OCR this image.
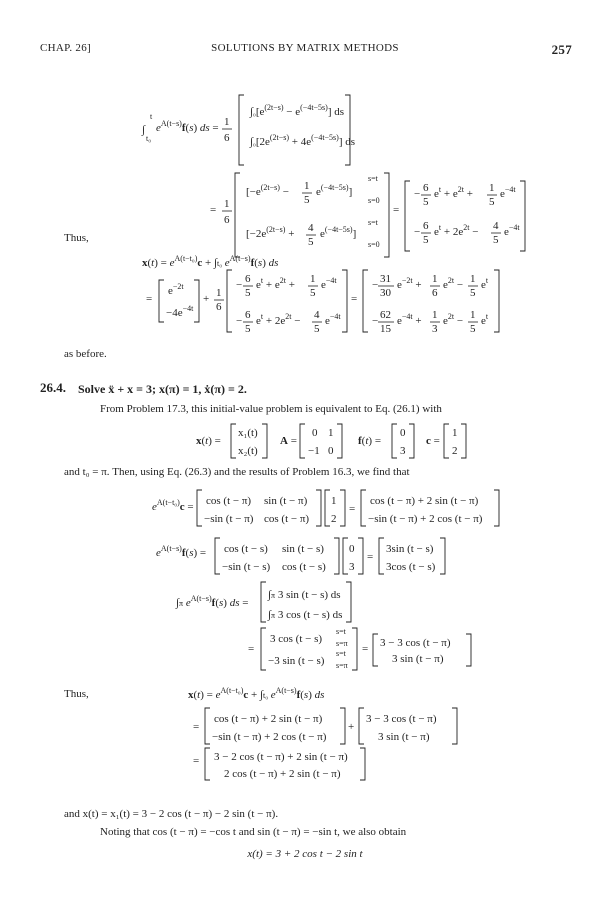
CHAP. 26]	SOLUTIONS BY MATRIX METHODS	257
∫
t
t₀
$e^{A(t-s)}f(s)$ ds = 1
6
$\int_0[e^{(2t-s)} - e^{(-4t-5s)}]$ ds
$\int_0[2e^{(2t-s)} + 4e^{(-4t-5s)}]$ ds
= 1
6
[$-e^{(2t-s)} - 1$
5
$e^{(-4t-5s)}$]
s=t
s=0
[$-2e^{(2t-s)} + 4$
5
$e^{(-4t-5s)}$]
s=t
s=0
=
− 6
5
$e^t + e^{2t} + 1$
5
$e^{-4t}$
− 6
5
$e^t + 2e^{2t} - 4$
5
$e^{-4t}$
Thus,
$x(t) = e^{A(t-t_0)}c + \int t_0$ $e^{A(t-s)}f(s)$ ds
=
$e^{-2t}$
$-4e^{-4t}$
+ 1
6
− 6
5
$e^t + e^{2t} + 1$
5
$e^{-4t}$
− 6
5
$e^t + 2e^{2t} - 4$
5
$e^{-4t}$
=
− 31
30
$e^{-2t} + 1$
6
$e^{2t} - 1$
5
$e^t$
− 62
15
$e^{-4t} + 1$
3
$e^{2t} - 1$
5
$e^t$
as before.
26.4. Solve ẍ + x = 3; x(π) = 1, ẋ(π) = 2.
From Problem 17.3, this initial-value problem is equivalent to Eq. (26.1) with
x(t) =
x₁(t)
x₂(t)
A =
0 1
−1 0
f(t) =
0
3
c =
1
2
and t₀ = π. Then, using Eq. (26.3) and the results of Problem 16.3, we find that
$e^{A(t-t_0)}c = \cos (t - \pi)$ sin (t − π)
−sin (t − π) cos (t − π)
1
2
=
cos (t − π) + 2 sin (t − π)
−sin (t − π) + 2 cos (t − π)
$e^{A(t-s)}f(s) = \cos (t - s)$ sin (t − s)
−sin (t − s) cos (t − s)
0
3
=
3sin (t − s)
3cos (t − s)
∫π $e^{A(t-s)}f(s)$ ds =
∫π 3 sin (t − s) ds
∫π 3 cos (t − s) ds
=
3 cos (t − s)
s=t
s=π
−3 sin (t − s)
s=t
s=π
= 3 − 3 cos (t − π)
3 sin (t − π)
Thus,	$x(t) = e^{A(t-t_0)}c + \int t_0$ $e^{A(t-s)}f(s)$ ds
=
cos (t − π) + 2 sin (t − π)
−sin (t − π) + 2 cos (t − π)
+
3 − 3 cos (t − π)
3 sin (t − π)
= 3 − 2 cos (t − π) + 2 sin (t − π)
2 cos (t − π) + 2 sin (t − π)
and x(t) = x₁(t) = 3 − 2 cos (t − π) − 2 sin (t − π).
Noting that cos (t − π) = −cos t and sin (t − π) = −sin t, we also obtain
x(t) = 3 + 2 cos t − 2 sin t
